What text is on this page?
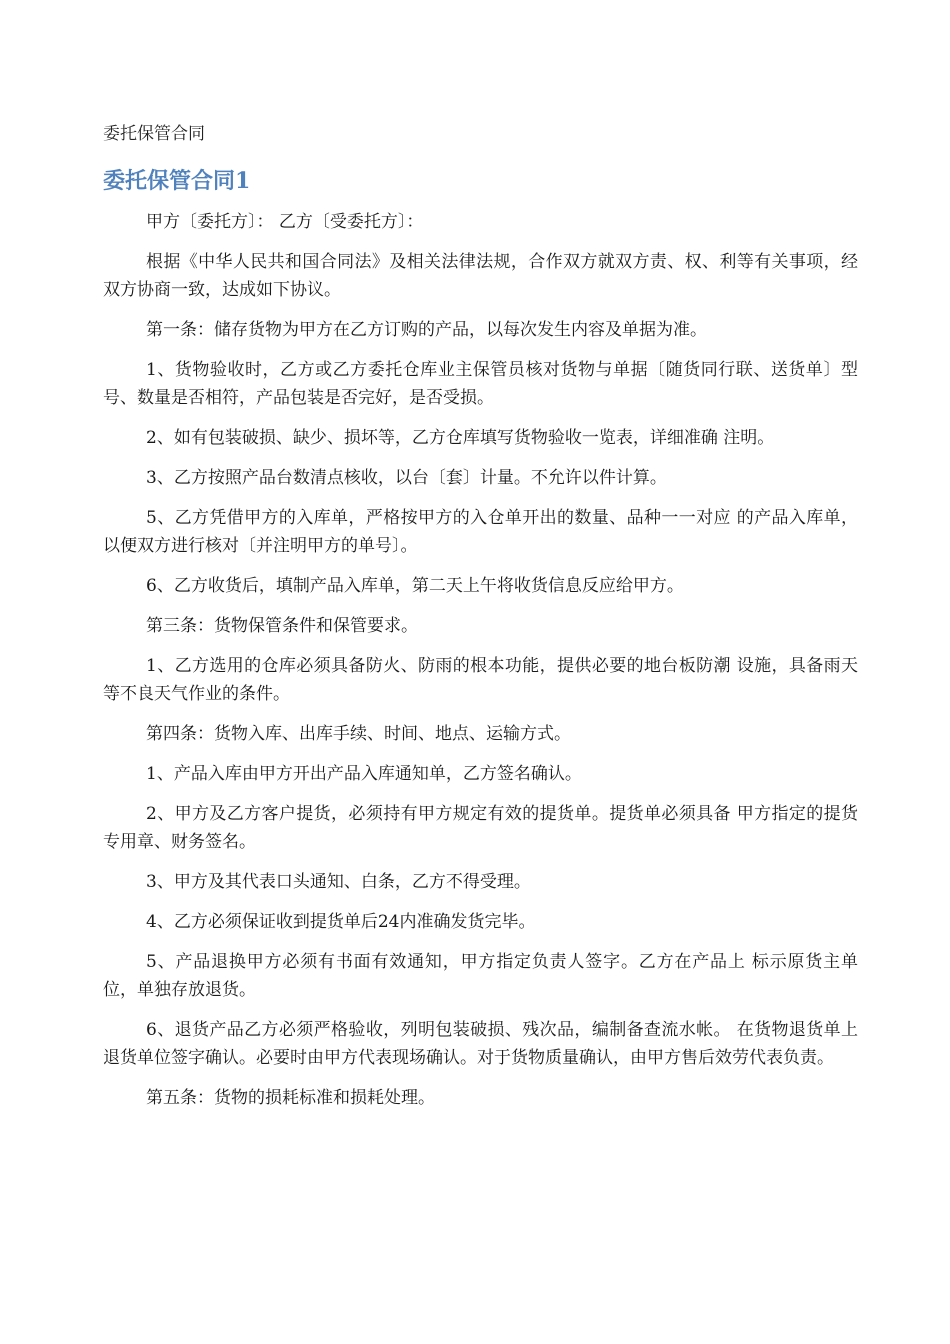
委托保管合同
委托保管合同1

甲方〔委托方〕： 乙方〔受委托方〕：

根据《中华人民共和国合同法》及相关法律法规，合作双方就双方责、权、利等有关事项，经双方协商一致，达成如下协议。

第一条：储存货物为甲方在乙方订购的产品，以每次发生内容及单据为准。

1、货物验收时，乙方或乙方委托仓库业主保管员核对货物与单据〔随货同行联、送货单〕型号、数量是否相符，产品包装是否完好，是否受损。

2、如有包装破损、缺少、损坏等，乙方仓库填写货物验收一览表，详细准确 注明。

3、乙方按照产品台数清点核收，以台〔套〕计量。不允许以件计算。

5、乙方凭借甲方的入库单，严格按甲方的入仓单开出的数量、品种一一对应 的产品入库单，以便双方进行核对〔并注明甲方的单号〕。

6、乙方收货后，填制产品入库单，第二天上午将收货信息反应给甲方。

第三条：货物保管条件和保管要求。

1、乙方选用的仓库必须具备防火、防雨的根本功能，提供必要的地台板防潮 设施，具备雨天等不良天气作业的条件。

第四条：货物入库、出库手续、时间、地点、运输方式。

1、产品入库由甲方开出产品入库通知单，乙方签名确认。

2、甲方及乙方客户提货，必须持有甲方规定有效的提货单。提货单必须具备 甲方指定的提货专用章、财务签名。

3、甲方及其代表口头通知、白条，乙方不得受理。

4、乙方必须保证收到提货单后24内准确发货完毕。

5、产品退换甲方必须有书面有效通知，甲方指定负责人签字。乙方在产品上 标示原货主单位，单独存放退货。

6、退货产品乙方必须严格验收，列明包装破损、残次品，编制备查流水帐。 在货物退货单上退货单位签字确认。必要时由甲方代表现场确认。对于货物质量确认，由甲方售后效劳代表负责。

第五条：货物的损耗标准和损耗处理。
